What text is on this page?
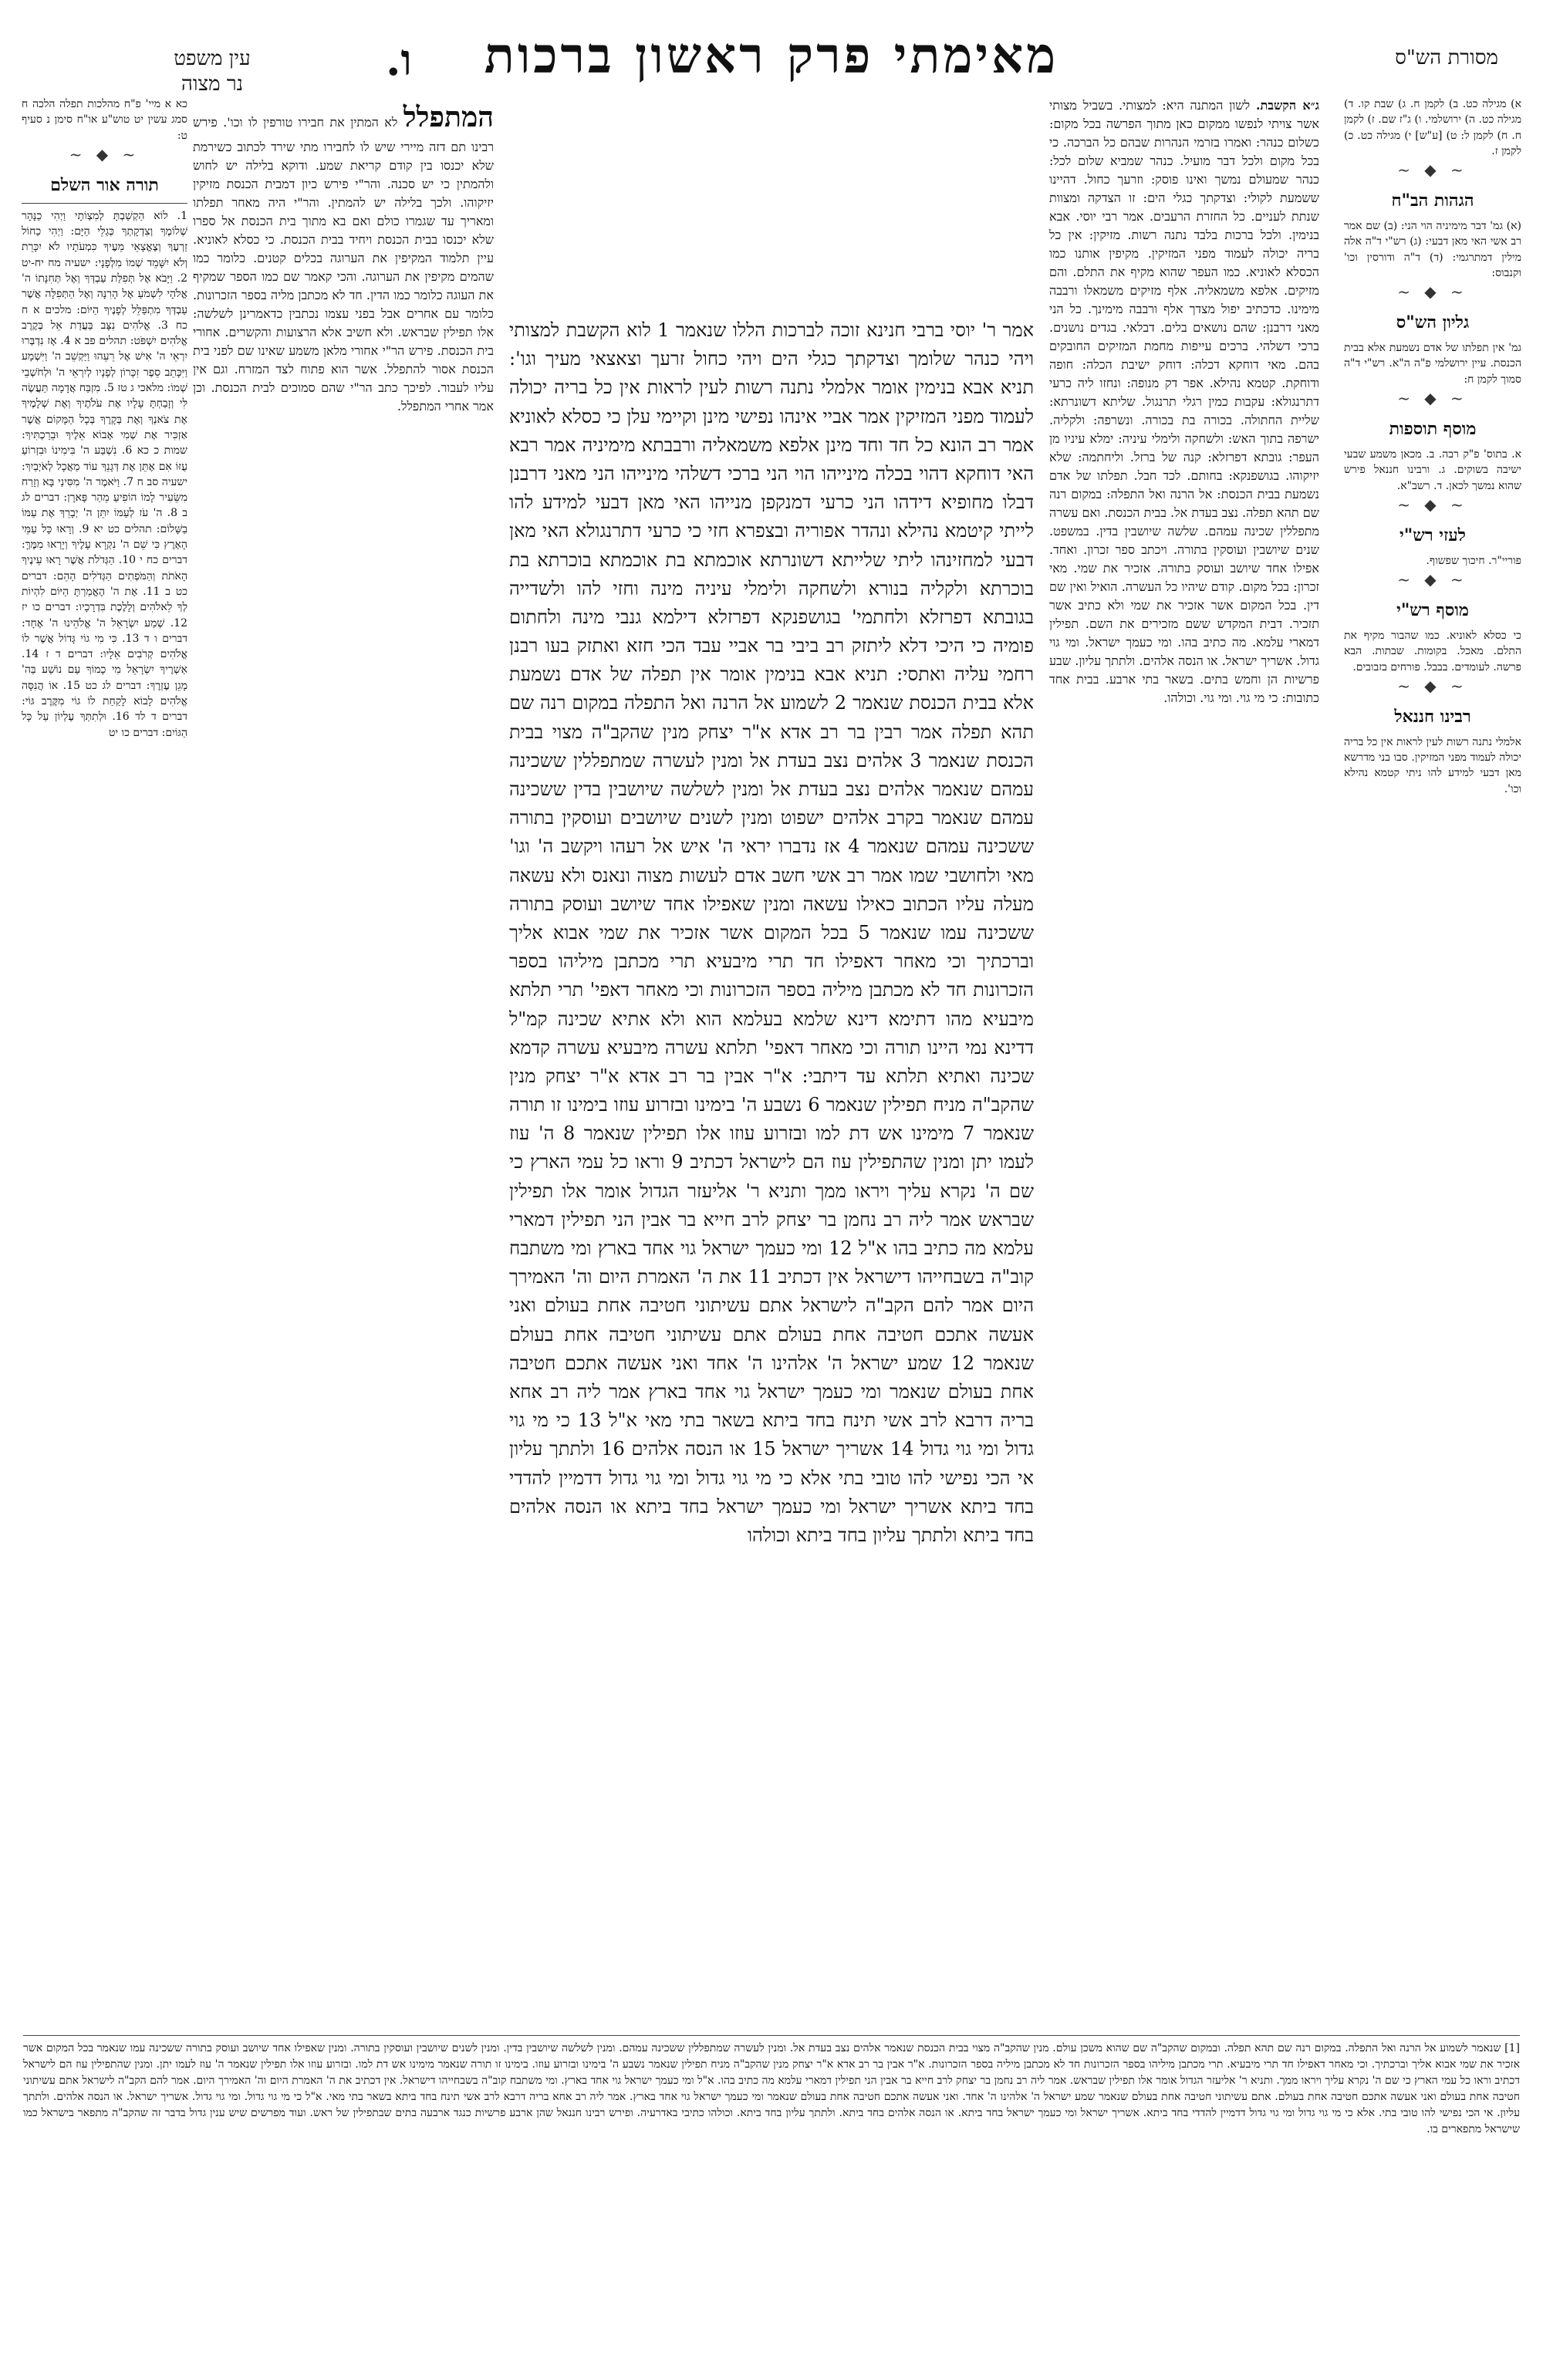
מסורת הש"ס
מאימתי פרק ראשון ברכות
ו.
עין משפט
נר מצוה
א) מגילה כט. ב) לקמן ח. ג) שבת קו. ד) מגילה כט. ה) ירושלמי. ו) ג"ז שם. ז) לקמן ח. ח) לקמן ל: ט) [ע"ש] י) מגילה כט. כ) לקמן ז.
~ ◆ ~
הגהות הב"ח
(א) גמ' דבר מימיניה הוי הני: (ב) שם אמר רב אשי האי מאן דבעי: (ג) רש"י ד"ה אלה מילין דמתרגמי: (ד) ד"ה ודורסין וכו' וקנבוס:
~ ◆ ~
גליון הש"ס
גמ' אין תפלתו של אדם נשמעת אלא בבית הכנסת. עיין ירושלמי פ"ה ה"א. רש"י ד"ה סמוך לקמן ח:
~ ◆ ~
מוסף תוספות
א. בתוס' פ"ק רבה. ב. מכאן משמע שבעי ישיבה בשוקים. ג. ורבינו חננאל פירש שהוא נמשך לכאן. ד. רשב"א.
~ ◆ ~
לעזי רש"י
פוריי"ר. חיכוך שפשוף.
~ ◆ ~
מוסף רש"י
כי כסלא לאוניא. כמו שהבור מקיף את התלם. מאכל. בקומות. שבתות. הבא פרשה. לעומדים. בבבל. פורחים בזבובים.
~ ◆ ~
רבינו חננאל
אלמלי נתנה רשות לעין לראות אין כל בריה יכולה לעמוד מפני המזיקין. סבו בני מדרשא מאן דבעי למידע להו ניתי קטמא נהילא וכו'.
ג״א הקשבת. לשון המתנה היא: למצותי. בשביל מצותי אשר צויתי לנפשו ממקום כאן מתוך הפרשה בכל מקום: כשלום כנהר: ואמרו בזרמי הנהרות שבהם כל הברכה. כי בכל מקום ולכל דבר מועיל. כנהר שמביא שלום לכל: כנהר שמעולם נמשך ואינו פוסק: וזרעך כחול. דהיינו ששמעת לקולי: וצדקתך כגלי הים: זו הצדקה ומצוות שנתת לעניים. כל החזרת הרעבים. אמר רבי יוסי. אבא בנימין. ולכל ברכות בלבד נתנה רשות. מזיקין: אין כל בריה יכולה לעמוד מפני המזיקין. מקיפין אותנו כמו הכסלא לאוניא. כמו העפר שהוא מקיף את התלם. והם מזיקים. אלפא משמאליה. אלף מזיקים משמאלו ורבבה מימינו. כדכתיב יפול מצדך אלף ורבבה מימינך. כל הני מאני דרבנן: שהם נושאים בלים. דבלאי. בגדים נושנים. ברכי דשלהי. ברכים עייפות מחמת המזיקים החובקים בהם. מאי דוחקא דכלה: דוחק ישיבת הכלה: חופה ודוחקת. קטמא נהילא. אפר דק מנופה: ונחזו ליה כרעי דתרנגולא: עקבות כמין רגלי תרנגול. שליתא דשונרתא: שליית החתולה. בכורה בת בכורה. ונשרפה: ולקליה. ישרפה בתוך האש: ולשחקה ולימלי עיניה: ימלא עיניו מן העפר: גובתא דפרזלא: קנה של ברזל. וליחתמה: שלא יזיקוהו. בגושפנקא: בחותם. לכד חבל. תפלתו של אדם נשמעת בבית הכנסת: אל הרנה ואל התפלה: במקום רנה שם תהא תפלה. נצב בעדת אל. בבית הכנסת. ואם עשרה מתפללין שכינה עמהם. שלשה שיושבין בדין. במשפט. שנים שיושבין ועוסקין בתורה. ויכתב ספר זכרון. ואחד. אפילו אחד שיושב ועוסק בתורה. אזכיר את שמי. מאי זכרון: בכל מקום. קודם שיהיו כל העשרה. הואיל ואין שם דין. בכל המקום אשר אזכיר את שמי ולא כתיב אשר תזכיר. דבית המקדש ששם מזכירים את השם. תפילין דמארי עלמא. מה כתיב בהו. ומי כעמך ישראל. ומי גוי גדול. אשריך ישראל. או הנסה אלהים. ולתתך עליון. שבע פרשיות הן וחמש בתים. בשאר בתי ארבע. בבית אחד כתובות: כי מי גוי. ומי גוי. וכולהו.
אמר ר' יוסי ברבי חנינא זוכה לברכות הללו שנאמר 1 לוא הקשבת למצותי ויהי כנהר שלומך וצדקתך כגלי הים ויהי כחול זרעך וצאצאי מעיך וגו': תניא אבא בנימין אומר אלמלי נתנה רשות לעין לראות אין כל בריה יכולה לעמוד מפני המזיקין אמר אביי אינהו נפישי מינן וקיימי עלן כי כסלא לאוניא אמר רב הונא כל חד וחד מינן אלפא משמאליה ורבבתא מימיניה אמר רבא האי דוחקא דהוי בכלה מינייהו הוי הני ברכי דשלהי מינייהו הני מאני דרבנן דבלו מחופיא דידהו הני כרעי דמנקפן מנייהו האי מאן דבעי למידע להו לייתי קיטמא נהילא ונהדר אפוריה ובצפרא חזי כי כרעי דתרנגולא האי מאן דבעי למחזינהו ליתי שלייתא דשונרתא אוכמתא בת אוכמתא בוכרתא בת בוכרתא ולקליה בנורא ולשחקה ולימלי עיניה מינה וחזי להו ולשדייה בגובתא דפרזלא ולחתמי' בגושפנקא דפרזלא דילמא גנבי מינה ולחתום פומיה כי היכי דלא ליתזק רב ביבי בר אביי עבד הכי חזא ואתזק בעו רבנן רחמי עליה ואתסי: תניא אבא בנימין אומר אין תפלה של אדם נשמעת אלא בבית הכנסת שנאמר 2 לשמוע אל הרנה ואל התפלה במקום רנה שם תהא תפלה אמר רבין בר רב אדא א"ר יצחק מנין שהקב"ה מצוי בבית הכנסת שנאמר 3 אלהים נצב בעדת אל ומנין לעשרה שמתפללין ששכינה עמהם שנאמר אלהים נצב בעדת אל ומנין לשלשה שיושבין בדין ששכינה עמהם שנאמר בקרב אלהים ישפוט ומנין לשנים שיושבים ועוסקין בתורה ששכינה עמהם שנאמר 4 אז נדברו יראי ה' איש אל רעהו ויקשב ה' וגו' מאי ולחושבי שמו אמר רב אשי חשב אדם לעשות מצוה ונאנס ולא עשאה מעלה עליו הכתוב כאילו עשאה ומנין שאפילו אחד שיושב ועוסק בתורה ששכינה עמו שנאמר 5 בכל המקום אשר אזכיר את שמי אבוא אליך וברכתיך וכי מאחר דאפילו חד תרי מיבעיא תרי מכתבן מיליהו בספר הזכרונות חד לא מכתבן מיליה בספר הזכרונות וכי מאחר דאפי' תרי תלתא מיבעיא מהו דתימא דינא שלמא בעלמא הוא ולא אתיא שכינה קמ"ל דדינא נמי היינו תורה וכי מאחר דאפי' תלתא עשרה מיבעיא עשרה קדמא שכינה ואתיא תלתא עד דיתבי: א"ר אבין בר רב אדא א"ר יצחק מנין שהקב"ה מניח תפילין שנאמר 6 נשבע ה' בימינו ובזרוע עוזו בימינו זו תורה שנאמר 7 מימינו אש דת למו ובזרוע עוזו אלו תפילין שנאמר 8 ה' עוז לעמו יתן ומנין שהתפילין עוז הם לישראל דכתיב 9 וראו כל עמי הארץ כי שם ה' נקרא עליך ויראו ממך ותניא ר' אליעזר הגדול אומר אלו תפילין שבראש אמר ליה רב נחמן בר יצחק לרב חייא בר אבין הני תפילין דמארי עלמא מה כתיב בהו א"ל 12 ומי כעמך ישראל גוי אחד בארץ ומי משתבח קוב"ה בשבחייהו דישראל אין דכתיב 11 את ה' האמרת היום וה' האמירך היום אמר להם הקב"ה לישראל אתם עשיתוני חטיבה אחת בעולם ואני אעשה אתכם חטיבה אחת בעולם אתם עשיתוני חטיבה אחת בעולם שנאמר 12 שמע ישראל ה' אלהינו ה' אחד ואני אעשה אתכם חטיבה אחת בעולם שנאמר ומי כעמך ישראל גוי אחד בארץ אמר ליה רב אחא בריה דרבא לרב אשי תינח בחד ביתא בשאר בתי מאי א"ל 13 כי מי גוי גדול ומי גוי גדול 14 אשריך ישראל 15 או הנסה אלהים 16 ולתתך עליון אי הכי נפישי להו טובי בתי אלא כי מי גוי גדול ומי גוי גדול דדמיין להדדי בחד ביתא אשריך ישראל ומי כעמך ישראל בחד ביתא או הנסה אלהים בחד ביתא ולתתך עליון בחד ביתא וכולהו
המתפלל לא המתין את חבירו טורפין לו וכו'. פירש רבינו תם דזה מיירי שיש לו לחבירו מתי שירד לכתוב כשירמת שלא יכנסו בין קודם קריאת שמע. ודוקא בלילה יש לחוש ולהמתין כי יש סכנה. והר"י פירש כיון דמבית הכנסת מזיקין יזיקוהו. ולכך בלילה יש להמתין. והר"י היה מאחר תפלתו ומאריך עד שגמרו כולם ואם בא מתוך בית הכנסת אל ספרו שלא יכנסו בבית הכנסת ויחיד בבית הכנסת. כי כסלא לאוניא. עיין תלמוד המקיפין את הערוגה בכלים קטנים. כלומר כמו שהמים מקיפין את הערוגה. והכי קאמר שם כמו הספר שמקיף את העוגה כלומר כמו הדין. חד לא מכתבן מליה בספר הזכרונות. כלומר עם אחרים אבל בפני עצמו נכתבין כדאמרינן לשלשה: אלו תפילין שבראש. ולא חשיב אלא הרצועות והקשרים. אחורי בית הכנסת. פירש הר"י אחורי מלאן משמע שאינו שם לפני בית הכנסת אסור להתפלל. אשר הוא פתוח לצד המזרח. וגם אין עליו לעבור. לפיכך כתב הר"י שהם סמוכים לבית הכנסת. וכן אמר אחרי המתפלל.
כא א מיי' פ"ח מהלכות תפלה הלכה ח סמג עשין יט טוש"ע או"ח סימן נ סעיף ט:
~ ◆ ~
תורה אור השלם
1. לוֹא הַקְשַׁבְתָּ לְמִצְוֹתָי וַיְהִי כַנָּהָר שְׁלוֹמֶךָ וְצִדְקָתְךָ כְּגַלֵּי הַיָּם: וַיְהִי כַחוֹל זַרְעֶךָ וְצֶאֱצָאֵי מֵעֶיךָ כִּמְעֹתָיו לֹא יִכָּרֵת וְלֹא יִשָּׁמֵד שְׁמוֹ מִלְּפָנָי: ישעיה מח יח-יט 2. וַיָּבֹא אֶל תְּפִלַּת עַבְדְּךָ וְאֶל תְּחִנָּתוֹ ה' אֱלֹהָי לִשְׁמֹעַ אֶל הָרִנָּה וְאֶל הַתְּפִלָּה אֲשֶׁר עַבְדְּךָ מִתְפַּלֵּל לְפָנֶיךָ הַיּוֹם: מלכים א ח כח 3. אֱלֹהִים נִצָּב בַּעֲדַת אֵל בְּקֶרֶב אֱלֹהִים יִשְׁפֹּט: תהלים פב א 4. אָז נִדְבְּרוּ יִרְאֵי ה' אִישׁ אֶל רֵעֵהוּ וַיַּקְשֵׁב ה' וַיִּשְׁמָע וַיִּכָּתֵב סֵפֶר זִכָּרוֹן לְפָנָיו לְיִרְאֵי ה' וּלְחֹשְׁבֵי שְׁמוֹ: מלאכי ג טז 5. מִזְבַּח אֲדָמָה תַּעֲשֶׂה לִּי וְזָבַחְתָּ עָלָיו אֶת עֹלֹתֶיךָ וְאֶת שְׁלָמֶיךָ אֶת צֹאנְךָ וְאֶת בְּקָרֶךָ בְּכָל הַמָּקוֹם אֲשֶׁר אַזְכִּיר אֶת שְׁמִי אָבוֹא אֵלֶיךָ וּבֵרַכְתִּיךָ: שמות כ כא 6. נִשְׁבַּע ה' בִּימִינוֹ וּבִזְרוֹעַ עֻזּוֹ אִם אֶתֵּן אֶת דְּגָנֵךְ עוֹד מַאֲכָל לְאֹיְבַיִךְ: ישעיה סב ח 7. וַיֹּאמֶר ה' מִסִּינַי בָּא וְזָרַח מִשֵּׂעִיר לָמוֹ הוֹפִיעַ מֵהַר פָּארָן: דברים לג ב 8. ה' עֹז לְעַמּוֹ יִתֵּן ה' יְבָרֵךְ אֶת עַמּוֹ בַשָּׁלוֹם: תהלים כט יא 9. וְרָאוּ כָּל עַמֵּי הָאָרֶץ כִּי שֵׁם ה' נִקְרָא עָלֶיךָ וְיָרְאוּ מִמֶּךָּ: דברים כח י 10. הַגְּדֹלֹת אֲשֶׁר רָאוּ עֵינֶיךָ הָאֹתֹת וְהַמֹּפְתִים הַגְּדֹלִים הָהֵם: דברים כט ב 11. אֶת ה' הֶאֱמַרְתָּ הַיּוֹם לִהְיוֹת לְךָ לֵאלֹהִים וְלָלֶכֶת בִּדְרָכָיו: דברים כו יז 12. שְׁמַע יִשְׂרָאֵל ה' אֱלֹהֵינוּ ה' אֶחָד: דברים ו ד 13. כִּי מִי גוֹי גָּדוֹל אֲשֶׁר לוֹ אֱלֹהִים קְרֹבִים אֵלָיו: דברים ד ז 14. אַשְׁרֶיךָ יִשְׂרָאֵל מִי כָמוֹךָ עַם נוֹשַׁע בַּה' מָגֵן עֶזְרֶךָ: דברים לג כט 15. אוֹ הֲנִסָּה אֱלֹהִים לָבוֹא לָקַחַת לוֹ גוֹי מִקֶּרֶב גּוֹי: דברים ד לד 16. וּלְתִתְּךָ עֶלְיוֹן עַל כָּל הַגּוֹיִם: דברים כו יט
[1] שנאמר לשמוע אל הרנה ואל התפלה. במקום רנה שם תהא תפלה. ובמקום שהקב"ה שם שהוא משכן עולם. מנין שהקב"ה מצוי בבית הכנסת שנאמר אלהים נצב בעדת אל. ומנין לעשרה שמתפללין ששכינה עמהם. ומנין לשלשה שיושבין בדין. ומנין לשנים שיושבין ועוסקין בתורה. ומנין שאפילו אחד שיושב ועוסק בתורה ששכינה עמו שנאמר בכל המקום אשר אזכיר את שמי אבוא אליך וברכתיך. וכי מאחר דאפילו חד תרי מיבעיא. תרי מכתבן מיליהו בספר הזכרונות חד לא מכתבן מיליה בספר הזכרונות. א"ר אבין בר רב אדא א"ר יצחק מנין שהקב"ה מניח תפילין שנאמר נשבע ה' בימינו ובזרוע עוזו. בימינו זו תורה שנאמר מימינו אש דת למו. ובזרוע עוזו אלו תפילין שנאמר ה' עוז לעמו יתן. ומנין שהתפילין עוז הם לישראל דכתיב וראו כל עמי הארץ כי שם ה' נקרא עליך ויראו ממך. ותניא ר' אליעזר הגדול אומר אלו תפילין שבראש. אמר ליה רב נחמן בר יצחק לרב חייא בר אבין הני תפילין דמארי עלמא מה כתיב בהו. א"ל ומי כעמך ישראל גוי אחד בארץ. ומי משתבח קוב"ה בשבחייהו דישראל. אין דכתיב את ה' האמרת היום וה' האמירך היום. אמר להם הקב"ה לישראל אתם עשיתוני חטיבה אחת בעולם ואני אעשה אתכם חטיבה אחת בעולם. אתם עשיתוני חטיבה אחת בעולם שנאמר שמע ישראל ה' אלהינו ה' אחד. ואני אעשה אתכם חטיבה אחת בעולם שנאמר ומי כעמך ישראל גוי אחד בארץ. אמר ליה רב אחא בריה דרבא לרב אשי תינח בחד ביתא בשאר בתי מאי. א"ל כי מי גוי גדול. ומי גוי גדול. אשריך ישראל. או הנסה אלהים. ולתתך עליון. אי הכי נפישי להו טובי בתי. אלא כי מי גוי גדול ומי גוי גדול דדמיין להדדי בחד ביתא. אשריך ישראל ומי כעמך ישראל בחד ביתא. או הנסה אלהים בחד ביתא. ולתתך עליון בחד ביתא. וכולהו כתיבי באדרעיה. ופירש רבינו חננאל שהן ארבע פרשיות כנגד ארבעה בתים שבתפילין של ראש. ועוד מפרשים שיש ענין גדול בדבר זה שהקב"ה מתפאר בישראל כמו שישראל מתפארים בו.
